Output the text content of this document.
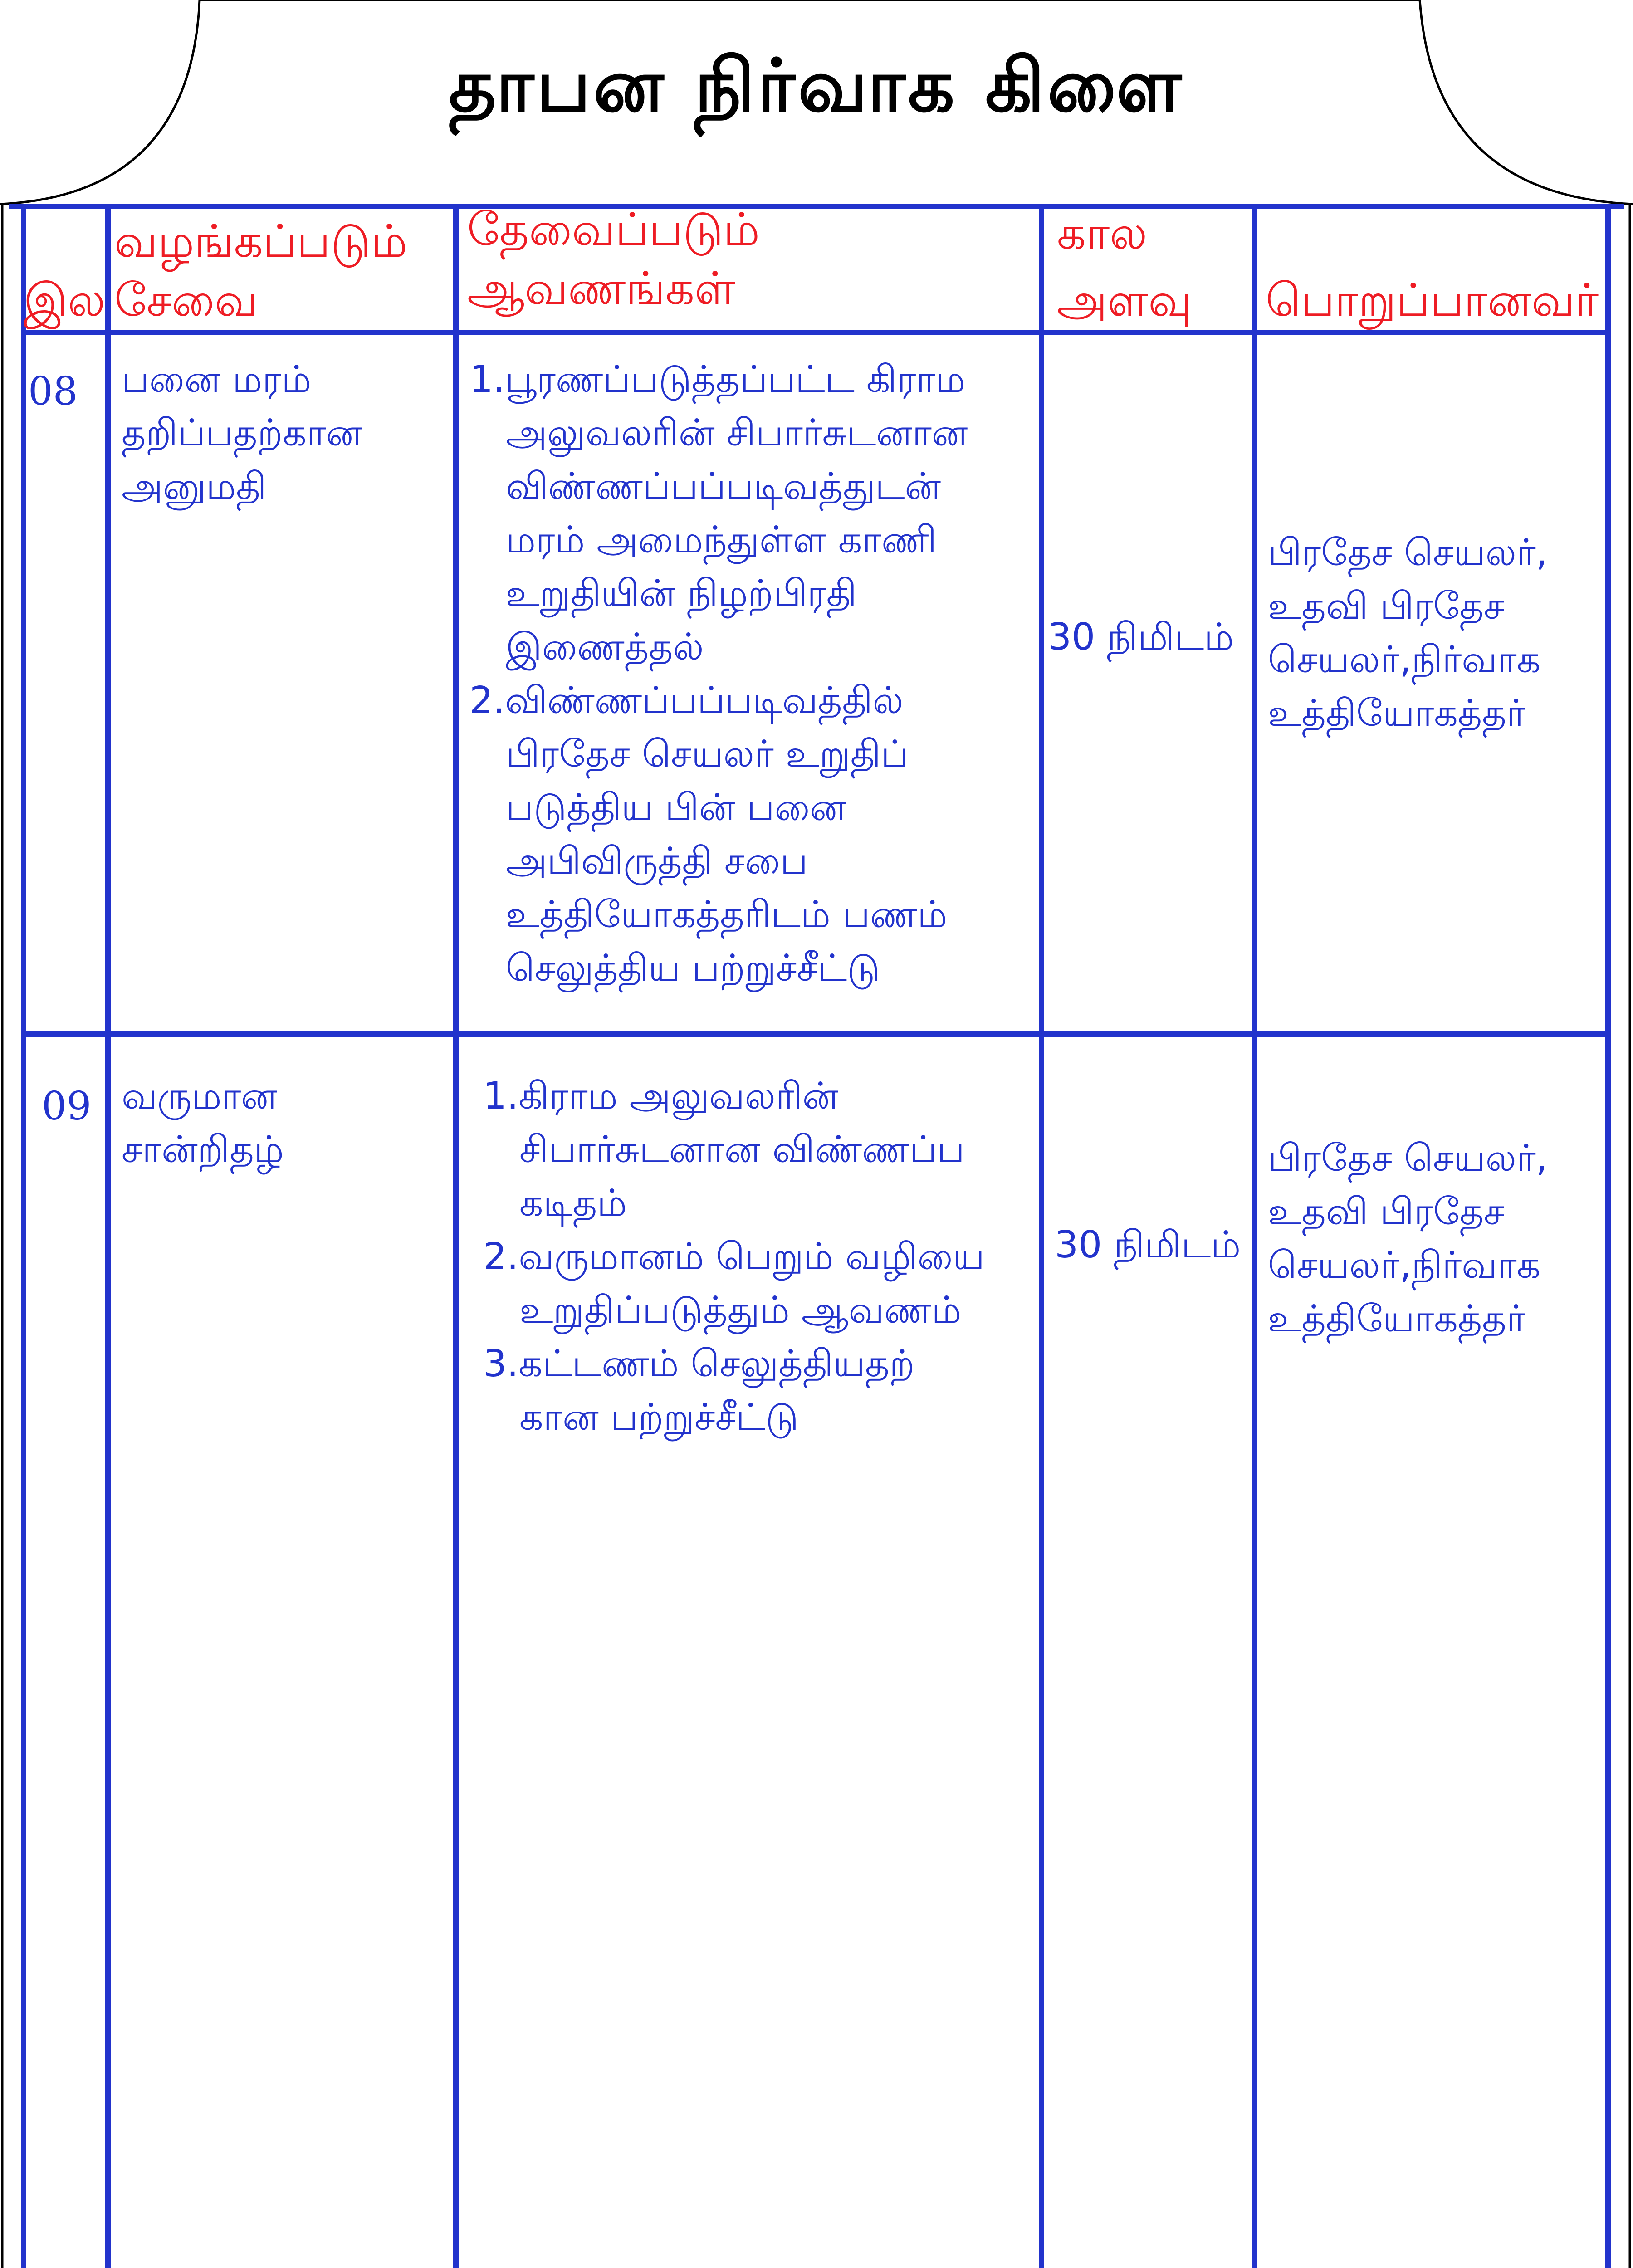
தாபன நிர்வாக கிளை
இல
வழங்கப்படும்
சேவை
தேவைப்படும்
ஆவணங்கள்
கால
அளவு பொறுப்பானவர்
08 பனை மரம்
தறிப்பதற்கான
அனுமதி
1.பூரணப்படுத்தப்பட்ட கிராம
அலுவலரின் சிபார்சுடனான
விண்ணப்பப்படிவத்துடன்
மரம் அமைந்துள்ள காணி
உறுதியின் நிழற்பிரதி
இணைத்தல்
2.விண்ணப்பப்படிவத்தில்
பிரதேச செயலர் உறுதிப்
படுத்திய பின் பனை
அபிவிருத்தி சபை
உத்தியோகத்தரிடம் பணம்
செலுத்திய பற்றுச்சீட்டு
30 நிமிடம்
பிரதேச செயலர்,
உதவி பிரதேச
செயலர்,நிர்வாக
உத்தியோகத்தர்
09 வருமான
சான்றிதழ்
1.கிராம அலுவலரின்
சிபார்சுடனான விண்ணப்ப
கடிதம்
2.வருமானம் பெறும் வழியை
உறுதிப்படுத்தும் ஆவணம்
3.கட்டணம் செலுத்தியதற்
கான பற்றுச்சீட்டு
30 நிமிடம்
பிரதேச செயலர்,
உதவி பிரதேச
செயலர்,நிர்வாக
உத்தியோகத்தர்
